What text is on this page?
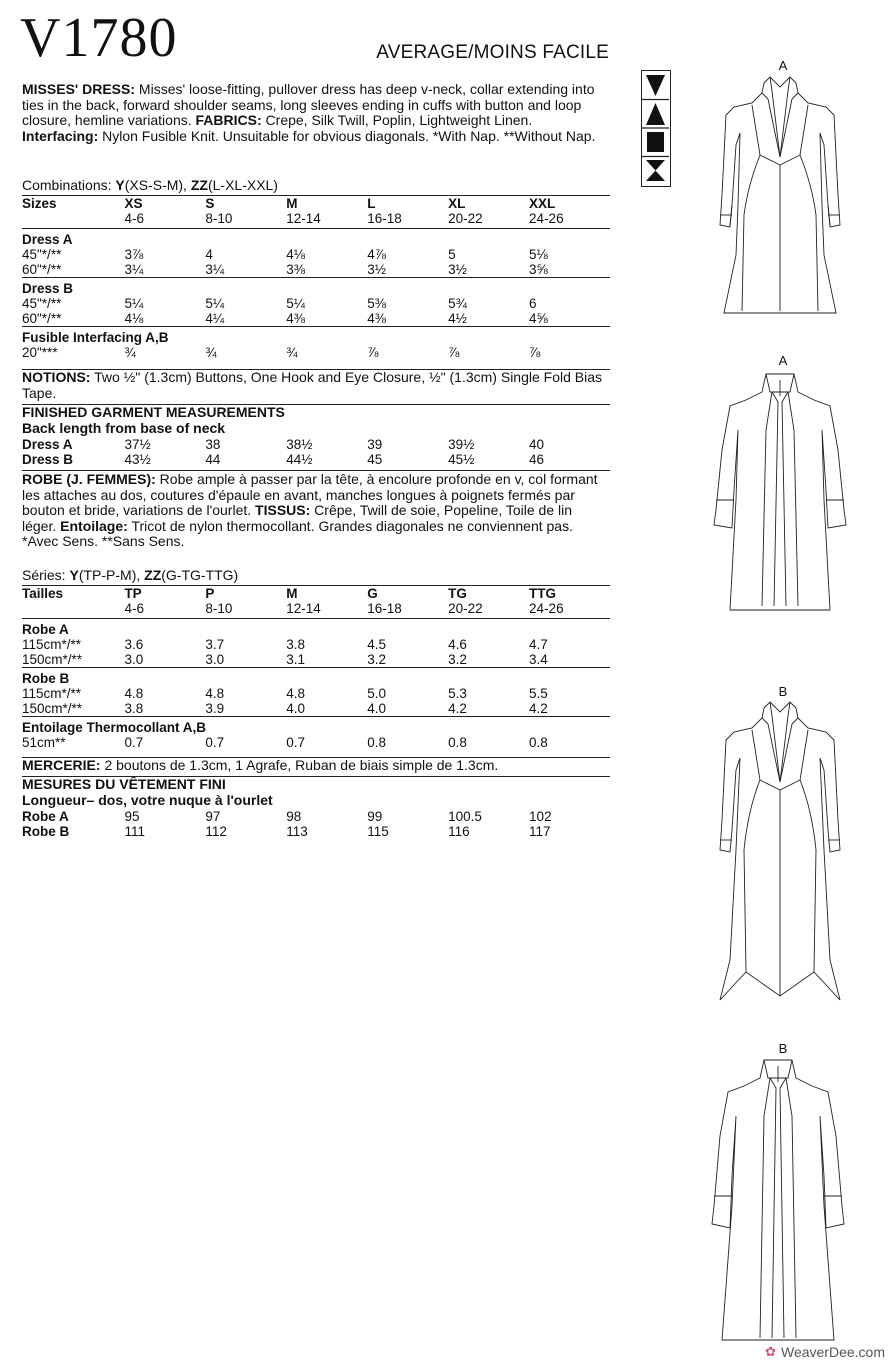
V1780	AVERAGE/MOINS FACILE
MISSES' DRESS: Misses' loose-fitting, pullover dress has deep v-neck, collar extending into ties in the back, forward shoulder seams, long sleeves ending in cuffs with button and loop closure, hemline variations. FABRICS: Crepe, Silk Twill, Poplin, Lightweight Linen. Interfacing: Nylon Fusible Knit. Unsuitable for obvious diagonals. *With Nap. **Without Nap.
Combinations: Y(XS-S-M), ZZ(L-XL-XXL)
Sizes	XS	S	M	L	XL	XXL
	4-6	8-10	12-14	16-18	20-22	24-26
Dress A						
45"*/**	3⅞	4	4⅛	4⅞	5	5⅛
60"*/**	3¼	3¼	3⅜	3½	3½	3⅝
Dress B						
45"*/**	5¼	5¼	5¼	5⅜	5¾	6
60"*/**	4⅛	4¼	4⅜	4⅜	4½	4⅝
Fusible Interfacing A,B						
20"***	¾	¾	¾	⅞	⅞	⅞
NOTIONS: Two ½" (1.3cm) Buttons, One Hook and Eye Closure, ½" (1.3cm) Single Fold Bias Tape.
FINISHED GARMENT MEASUREMENTS
Back length from base of neck
Dress A	37½	38	38½	39	39½	40
Dress B	43½	44	44½	45	45½	46
ROBE (J. FEMMES): Robe ample à passer par la tête, à encolure profonde en v, col formant les attaches au dos, coutures d'épaule en avant, manches longues à poignets fermés par bouton et bride, variations de l'ourlet. TISSUS: Crêpe, Twill de soie, Popeline, Toile de lin léger. Entoilage: Tricot de nylon thermocollant. Grandes diagonales ne conviennent pas. *Avec Sens. **Sans Sens.
Séries: Y(TP-P-M), ZZ(G-TG-TTG)
Tailles	TP	P	M	G	TG	TTG
	4-6	8-10	12-14	16-18	20-22	24-26
Robe A						
115cm*/**	3.6	3.7	3.8	4.5	4.6	4.7
150cm*/**	3.0	3.0	3.1	3.2	3.2	3.4
Robe B						
115cm*/**	4.8	4.8	4.8	5.0	5.3	5.5
150cm*/**	3.8	3.9	4.0	4.0	4.2	4.2
Entoilage Thermocollant A,B						
51cm**	0.7	0.7	0.7	0.8	0.8	0.8
MERCERIE: 2 boutons de 1.3cm, 1 Agrafe, Ruban de biais simple de 1.3cm.
MESURES DU VÊTEMENT FINI
Longueur– dos, votre nuque à l'ourlet
Robe A	95	97	98	99	100.5	102
Robe B	111	112	113	115	116	117
A
A
B
B
✿ WeaverDee.com
